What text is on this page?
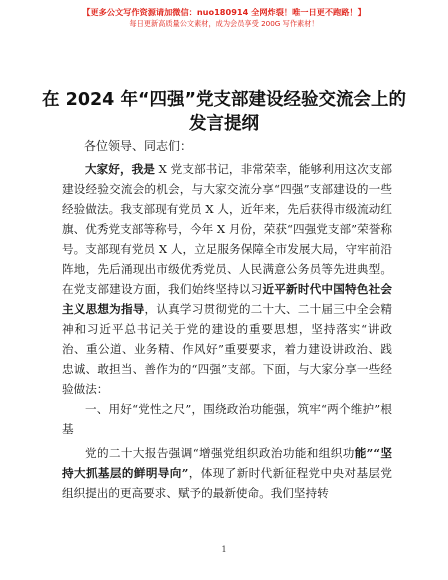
【更多公文写作资源请加微信：nuo180914 全网炸裂！唯一日更不跑路！】
每日更新高质量公文素材，成为会员享受 200G 写作素材！
在 2024 年“四强”党支部建设经验交流会上的
发言提纲
各位领导、同志们：

大家好，我是 X 党支部书记，非常荣幸，能够利用这次支部建设经验交流会的机会，与大家交流分享“四强”支部建设的一些经验做法。我支部现有党员 X 人，近年来，先后获得市级流动红旗、优秀党支部等称号，今年 X 月份，荣获“四强党支部”荣誉称号。支部现有党员 X 人，立足服务保障全市发展大局，守牢前沿阵地，先后涌现出市级优秀党员、人民满意公务员等先进典型。在党支部建设方面，我们始终坚持以习近平新时代中国特色社会主义思想为指导，认真学习贯彻党的二十大、二十届三中全会精神和习近平总书记关于党的建设的重要思想，坚持落实“讲政治、重公道、业务精、作风好”重要要求，着力建设讲政治、践忠诚、敢担当、善作为的“四强”支部。下面，与大家分享一些经验做法：

一、用好“党性之尺”，围绕政治功能强，筑牢“两个维护”根基

党的二十大报告强调“增强党组织政治功能和组织功能”“坚持大抓基层的鲜明导向”，体现了新时代新征程党中央对基层党组织提出的更高要求、赋予的最新使命。我们坚持转

1
